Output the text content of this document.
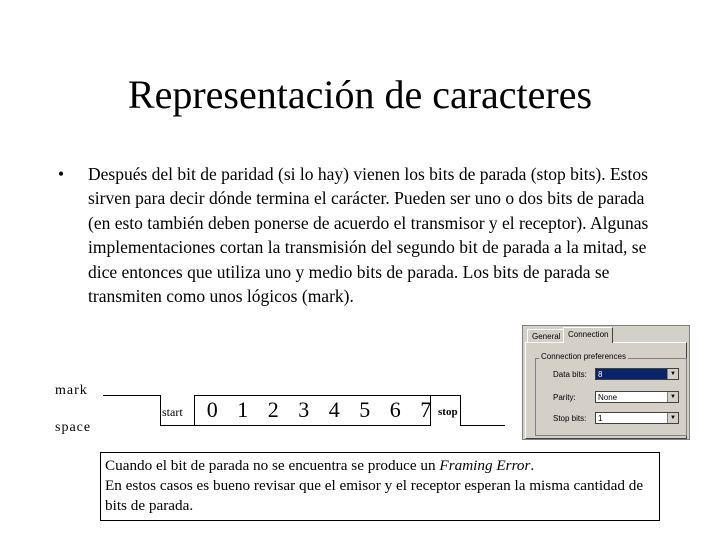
Representación de caracteres
• Después del bit de paridad (si lo hay) vienen los bits de parada (stop bits). Estos sirven para decir dónde termina el carácter. Pueden ser uno o dos bits de parada (en esto también deben ponerse de acuerdo el transmisor y el receptor). Algunas implementaciones cortan la transmisión del segundo bit de parada a la mitad, se dice entonces que utiliza uno y medio bits de parada. Los bits de parada se transmiten como unos lógicos (mark).
mark
space
start	0 1 2 3 4 5 6 7 stop
General Connection
Connection preferences
Data bits:	8	▼
Parity:	None	▼
Stop bits:	1	▼
Cuando el bit de parada no se encuentra se produce un Framing Error.
En estos casos es bueno revisar que el emisor y el receptor esperan la misma cantidad de bits de parada.
